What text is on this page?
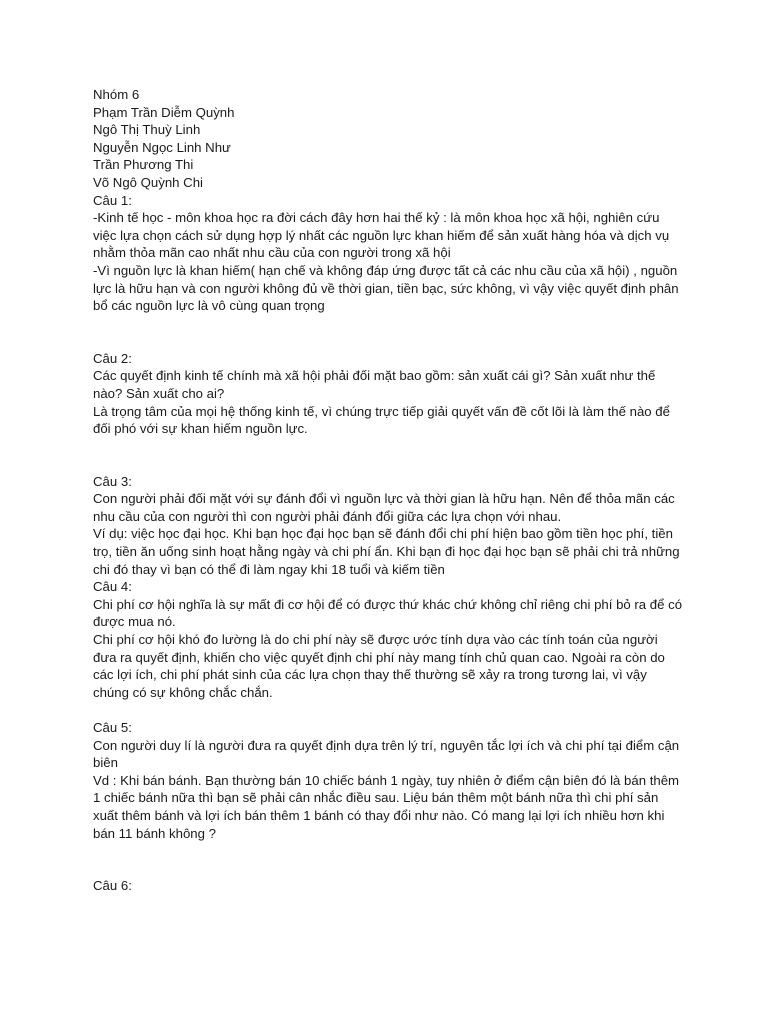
Nhóm 6

Phạm Trần Diễm Quỳnh

Ngô Thị Thuỳ Linh

Nguyễn Ngọc Linh Như

Trần Phương Thi

Võ Ngô Quỳnh Chi

Câu 1:

-Kinh tế học - môn khoa học ra đời cách đây hơn hai thế kỷ : là môn khoa học xã hội, nghiên cứu việc lựa chọn cách sử dụng hợp lý nhất các nguồn lực khan hiếm để sản xuất hàng hóa và dịch vụ nhằm thỏa mãn cao nhất nhu cầu của con người trong xã hội

-Vì nguồn lực là khan hiếm( hạn chế và không đáp ứng được tất cả các nhu cầu của xã hội) , nguồn lực là hữu hạn và con người không đủ về thời gian, tiền bạc, sức không, vì vậy việc quyết định phân bổ các nguồn lực là vô cùng quan trọng

Câu 2:

Các quyết định kinh tế chính mà xã hội phải đối mặt bao gồm: sản xuất cái gì? Sản xuất như thế nào? Sản xuất cho ai?

Là trọng tâm của mọi hệ thống kinh tế, vì chúng trực tiếp giải quyết vấn đề cốt lõi là làm thế nào để đối phó với sự khan hiếm nguồn lực.

Câu 3:

Con người phải đối mặt với sự đánh đổi vì nguồn lực và thời gian là hữu hạn. Nên để thỏa mãn các nhu cầu của con người thì con người phải đánh đổi giữa các lựa chọn với nhau.

Ví dụ: việc học đại học. Khi bạn học đại học bạn sẽ đánh đổi chi phí hiện bao gồm tiền học phí, tiền trọ, tiền ăn uống sinh hoạt hằng ngày và chi phí ẩn. Khi bạn đi học đại học bạn sẽ phải chi trả những chi đó thay vì bạn có thể đi làm ngay khi 18 tuổi và kiếm tiền

Câu 4:

Chi phí cơ hội nghĩa là sự mất đi cơ hội để có được thứ khác chứ không chỉ riêng chi phí bỏ ra để có được mua nó.

Chi phí cơ hội khó đo lường là do chi phí này sẽ được ước tính dựa vào các tính toán của người đưa ra quyết định, khiến cho việc quyết định chi phí này mang tính chủ quan cao. Ngoài ra còn do các lợi ích, chi phí phát sinh của các lựa chọn thay thế thường sẽ xảy ra trong tương lai, vì vậy chúng có sự không chắc chắn.

Câu 5:

Con người duy lí là người đưa ra quyết định dựa trên lý trí, nguyên tắc lợi ích và chi phí tại điểm cận biên

Vd : Khi bán bánh. Bạn thường bán 10 chiếc bánh 1 ngày, tuy nhiên ở điểm cận biên đó là bán thêm 1 chiếc bánh nữa thì bạn sẽ phải cân nhắc điều sau. Liệu bán thêm một bánh nữa thì chi phí sản xuất thêm bánh và lợi ích bán thêm 1 bánh có thay đổi như nào. Có mang lại lợi ích nhiều hơn khi bán 11 bánh không ?

Câu 6:
